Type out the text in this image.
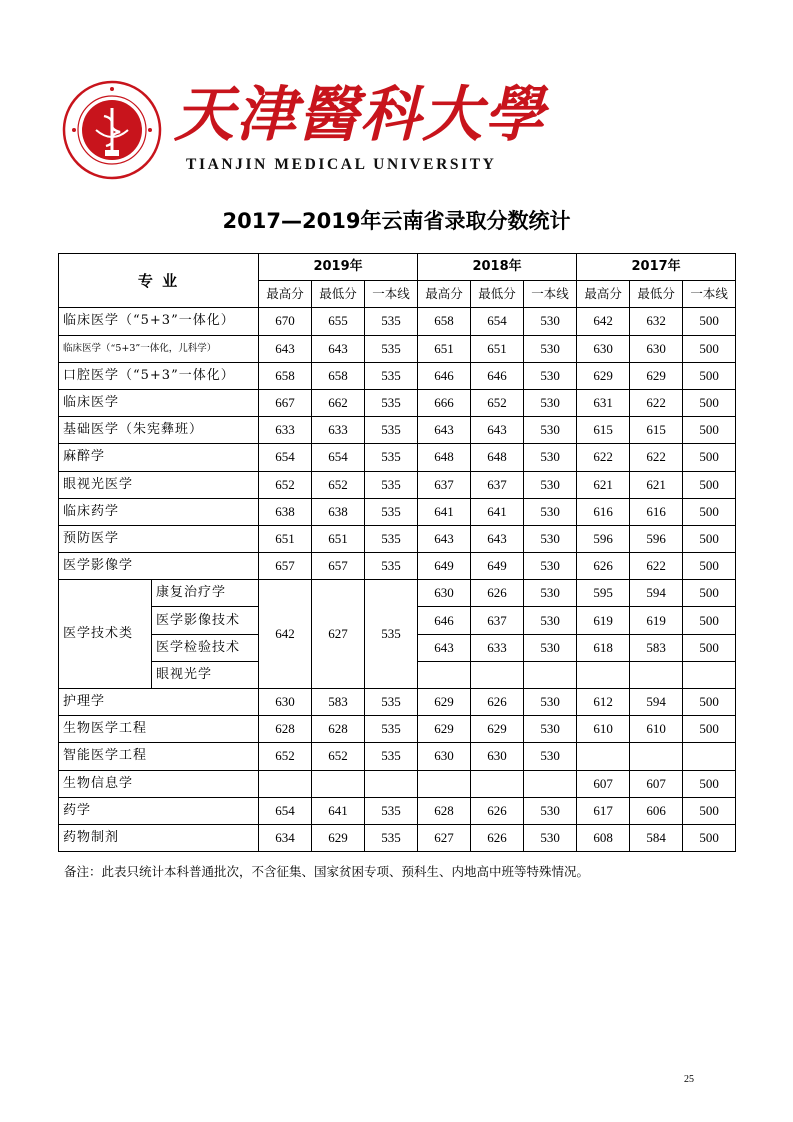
天津醫科大學
TIANJIN MEDICAL UNIVERSITY
2017—2019年云南省录取分数统计
专 业		2019年			2018年			2017年		
		最高分	最低分	一本线	最高分	最低分	一本线	最高分	最低分	一本线
临床医学（“5+3”一体化）		670	655	535	658	654	530	642	632	500
临床医学（“5+3”一体化，儿科学）		643	643	535	651	651	530	630	630	500
口腔医学（“5+3”一体化）		658	658	535	646	646	530	629	629	500
临床医学		667	662	535	666	652	530	631	622	500
基础医学（朱宪彝班）		633	633	535	643	643	530	615	615	500
麻醉学		654	654	535	648	648	530	622	622	500
眼视光医学		652	652	535	637	637	530	621	621	500
临床药学		638	638	535	641	641	530	616	616	500
预防医学		651	651	535	643	643	530	596	596	500
医学影像学		657	657	535	649	649	530	626	622	500
医学技术类	康复治疗学	642	627	535	630	626	530	595	594	500
	医学影像技术				646	637	530	619	619	500
	医学检验技术				643	633	530	618	583	500
	眼视光学									
护理学		630	583	535	629	626	530	612	594	500
生物医学工程		628	628	535	629	629	530	610	610	500
智能医学工程		652	652	535	630	630	530			
生物信息学								607	607	500
药学		654	641	535	628	626	530	617	606	500
药物制剂		634	629	535	627	626	530	608	584	500
备注：此表只统计本科普通批次，不含征集、国家贫困专项、预科生、内地高中班等特殊情况。
25
